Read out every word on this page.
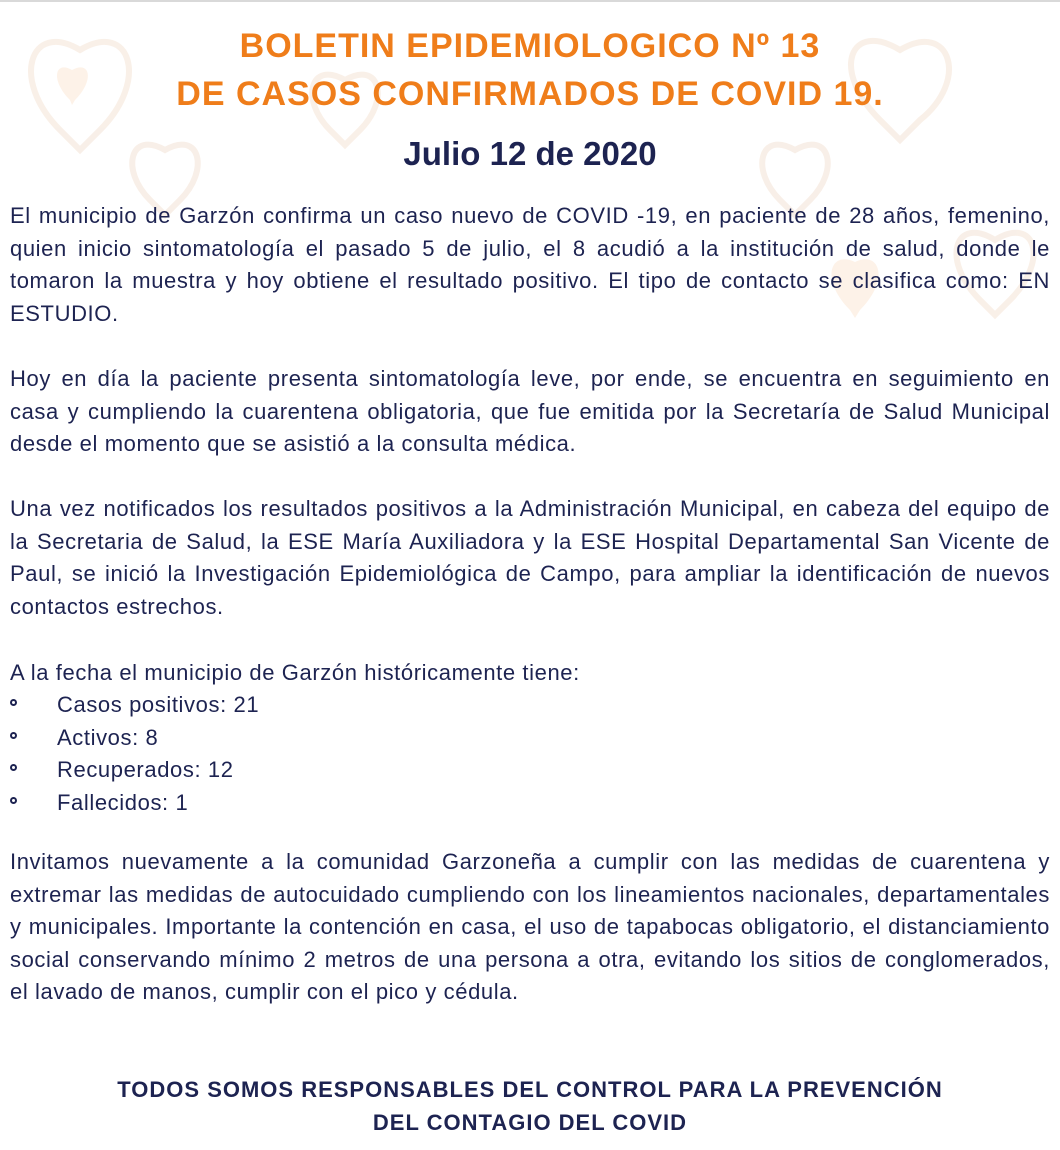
BOLETIN EPIDEMIOLOGICO Nº 13
DE CASOS CONFIRMADOS DE COVID 19.
Julio 12 de 2020

El municipio de Garzón confirma un caso nuevo de COVID -19, en paciente de 28 años, femenino, quien inicio sintomatología el pasado 5 de julio, el 8 acudió a la institución de salud, donde le tomaron la muestra y hoy obtiene el resultado positivo. El tipo de contacto se clasifica como: EN ESTUDIO.

Hoy en día la paciente presenta sintomatología leve, por ende, se encuentra en seguimiento en casa y cumpliendo la cuarentena obligatoria, que fue emitida por la Secretaría de Salud Municipal desde el momento que se asistió a la consulta médica.

Una vez notificados los resultados positivos a la Administración Municipal, en cabeza del equipo de la Secretaria de Salud, la ESE María Auxiliadora y la ESE Hospital Departamental San Vicente de Paul, se inició la Investigación Epidemiológica de Campo, para ampliar la identificación de nuevos contactos estrechos.

A la fecha el municipio de Garzón históricamente tiene:

Casos positivos: 21
Activos: 8
Recuperados: 12
Fallecidos: 1

Invitamos nuevamente a la comunidad Garzoneña a cumplir con las medidas de cuarentena y extremar las medidas de autocuidado cumpliendo con los lineamientos nacionales, departamentales y municipales. Importante la contención en casa, el uso de tapabocas obligatorio, el distanciamiento social conservando mínimo 2 metros de una persona a otra, evitando los sitios de conglomerados, el lavado de manos, cumplir con el pico y cédula.

TODOS SOMOS RESPONSABLES DEL CONTROL PARA LA PREVENCIÓN
DEL CONTAGIO DEL COVID
